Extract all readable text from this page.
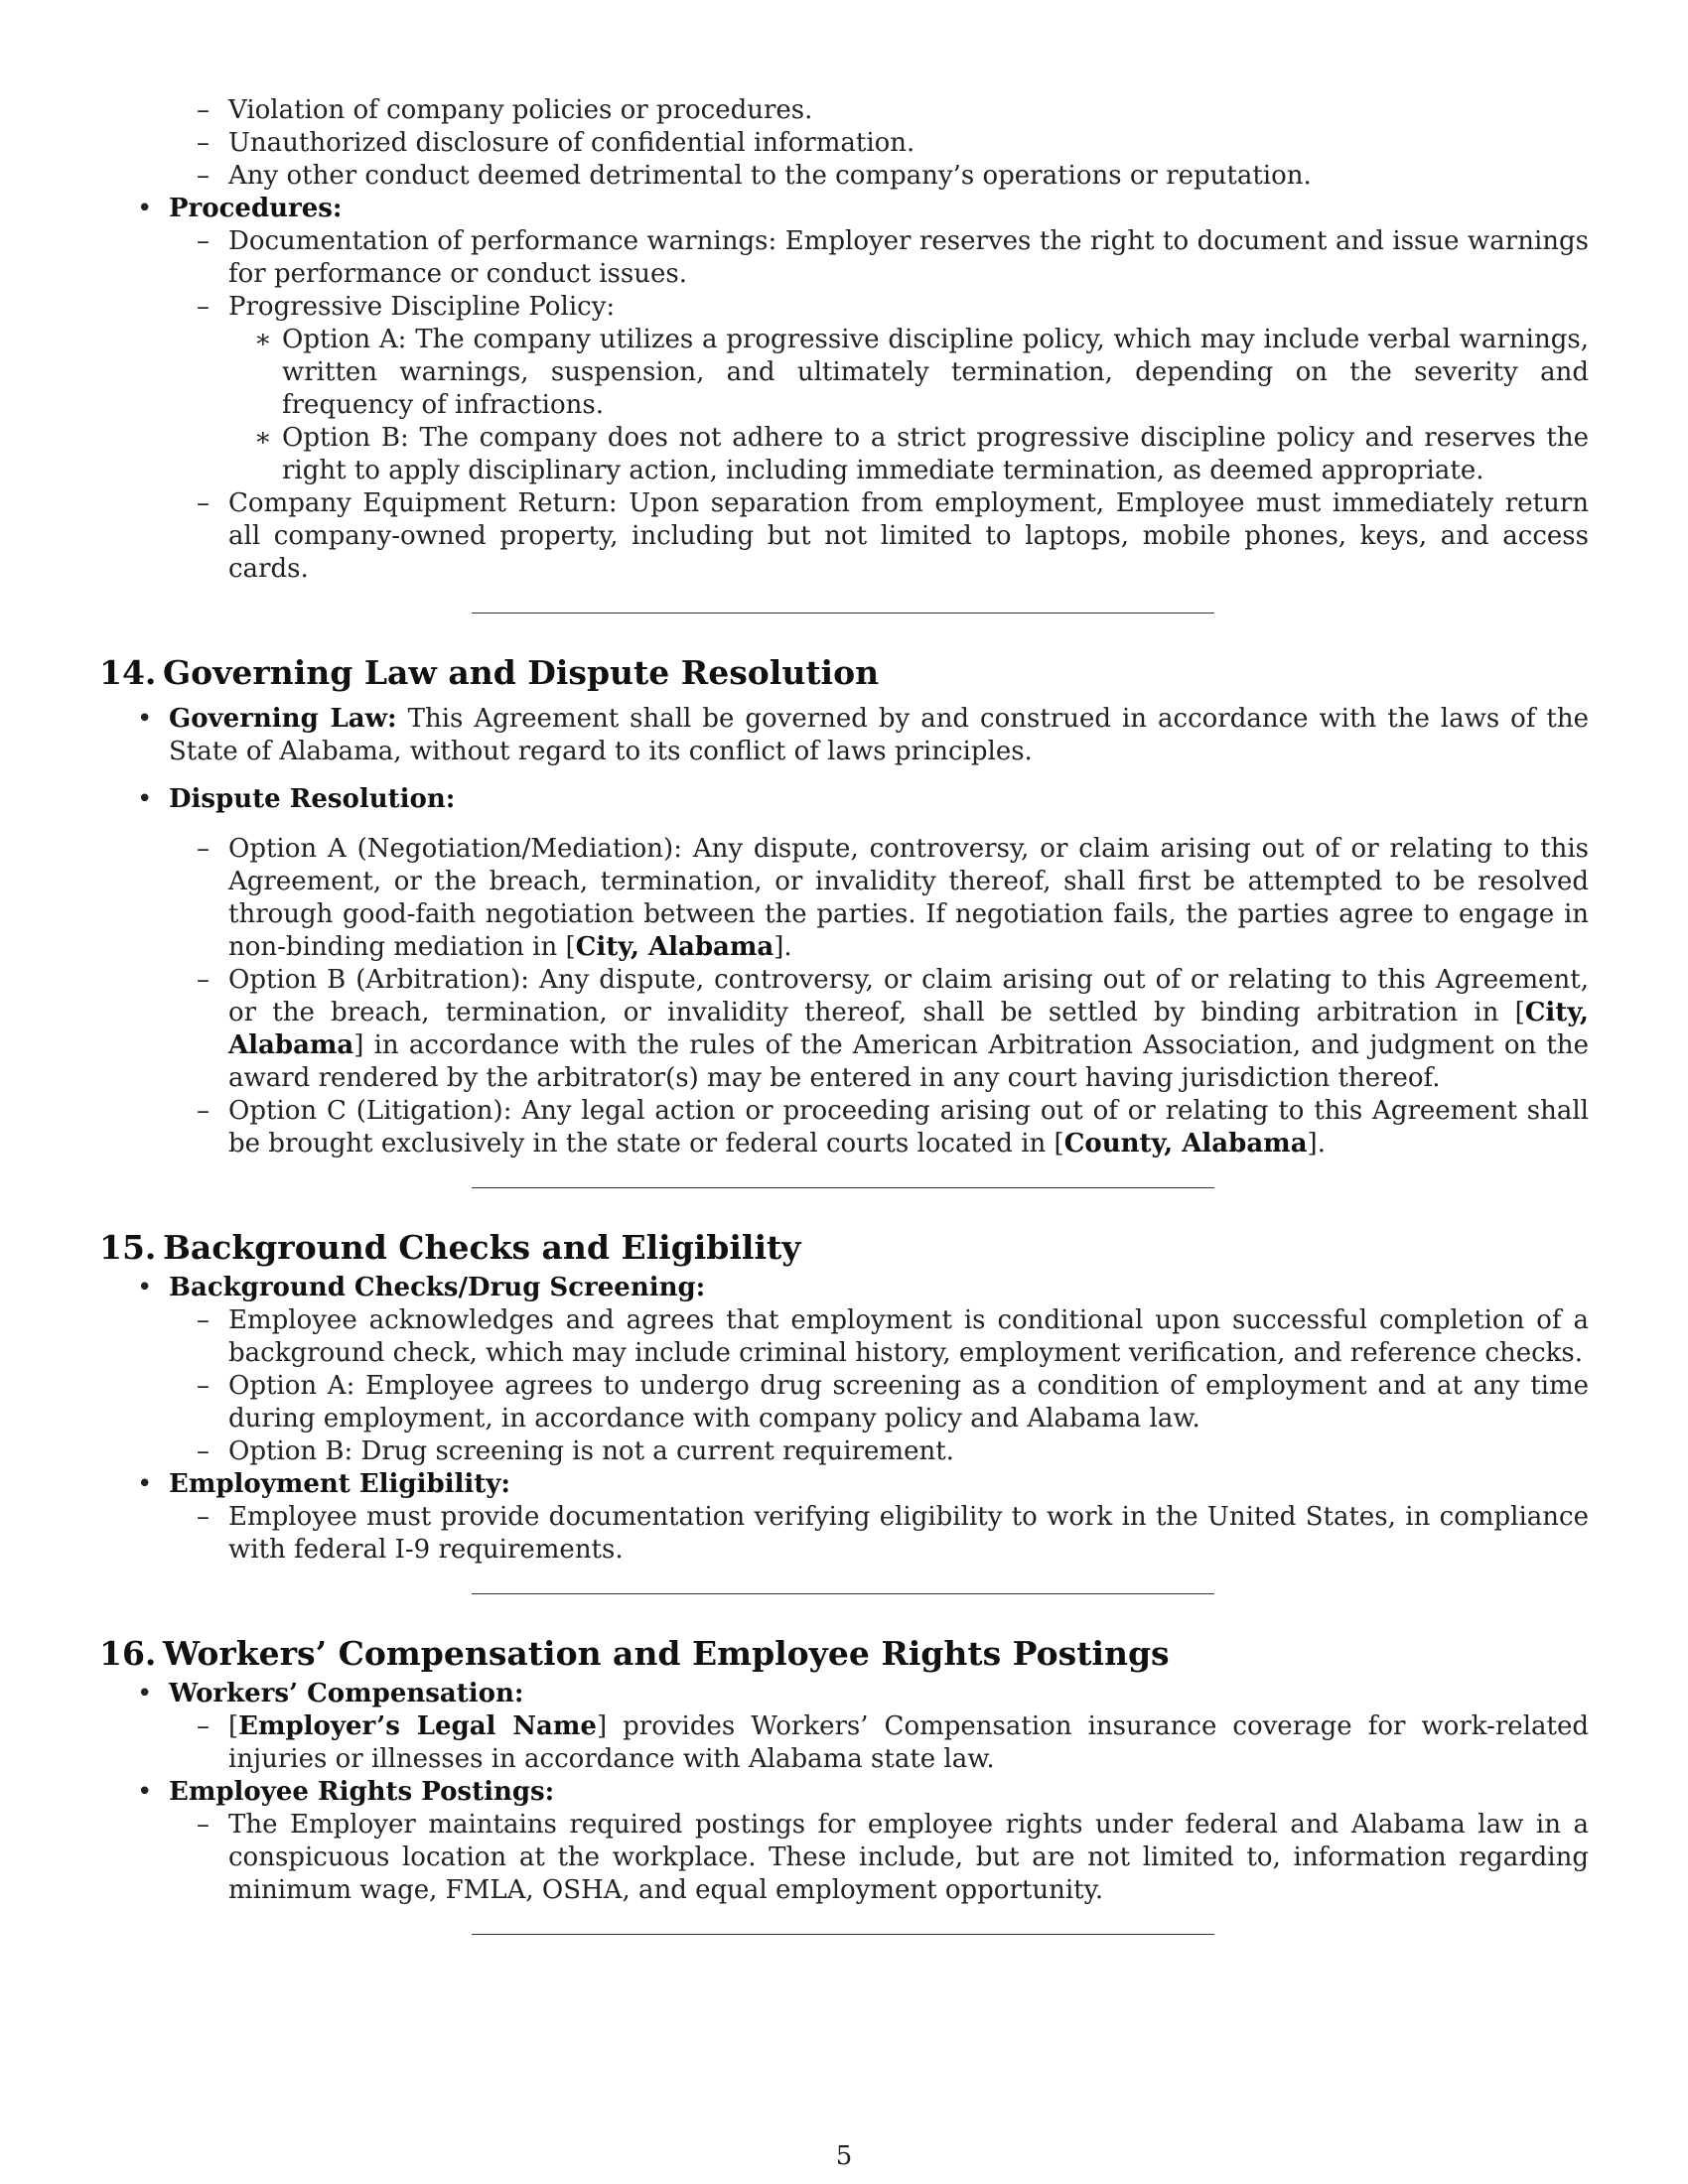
– Violation of company policies or procedures.
– Unauthorized disclosure of confidential information.
– Any other conduct deemed detrimental to the company’s operations or reputation.
• Procedures:
– Documentation of performance warnings: Employer reserves the right to document and issue warnings for performance or conduct issues.
– Progressive Discipline Policy:
∗ Option A: The company utilizes a progressive discipline policy, which may include verbal warnings, written warnings, suspension, and ultimately termination, depending on the severity and frequency of infractions.
∗ Option B: The company does not adhere to a strict progressive discipline policy and reserves the right to apply disciplinary action, including immediate termination, as deemed appropriate.
– Company Equipment Return: Upon separation from employment, Employee must immediately return all company-owned property, including but not limited to laptops, mobile phones, keys, and access cards.
14. Governing Law and Dispute Resolution
• Governing Law: This Agreement shall be governed by and construed in accordance with the laws of the State of Alabama, without regard to its conflict of laws principles.
• Dispute Resolution:
– Option A (Negotiation/Mediation): Any dispute, controversy, or claim arising out of or relating to this Agreement, or the breach, termination, or invalidity thereof, shall first be attempted to be resolved through good-faith negotiation between the parties. If negotiation fails, the parties agree to engage in non-binding mediation in [City, Alabama].
– Option B (Arbitration): Any dispute, controversy, or claim arising out of or relating to this Agreement, or the breach, termination, or invalidity thereof, shall be settled by binding arbitration in [City, Alabama] in accordance with the rules of the American Arbitration Association, and judgment on the award rendered by the arbitrator(s) may be entered in any court having jurisdiction thereof.
– Option C (Litigation): Any legal action or proceeding arising out of or relating to this Agreement shall be brought exclusively in the state or federal courts located in [County, Alabama].
15. Background Checks and Eligibility
• Background Checks/Drug Screening:
– Employee acknowledges and agrees that employment is conditional upon successful completion of a background check, which may include criminal history, employment verification, and reference checks.
– Option A: Employee agrees to undergo drug screening as a condition of employment and at any time during employment, in accordance with company policy and Alabama law.
– Option B: Drug screening is not a current requirement.
• Employment Eligibility:
– Employee must provide documentation verifying eligibility to work in the United States, in compliance with federal I-9 requirements.
16. Workers’ Compensation and Employee Rights Postings
• Workers’ Compensation:
– [Employer’s Legal Name] provides Workers’ Compensation insurance coverage for work-related injuries or illnesses in accordance with Alabama state law.
• Employee Rights Postings:
– The Employer maintains required postings for employee rights under federal and Alabama law in a conspicuous location at the workplace. These include, but are not limited to, information regarding minimum wage, FMLA, OSHA, and equal employment opportunity.
5
